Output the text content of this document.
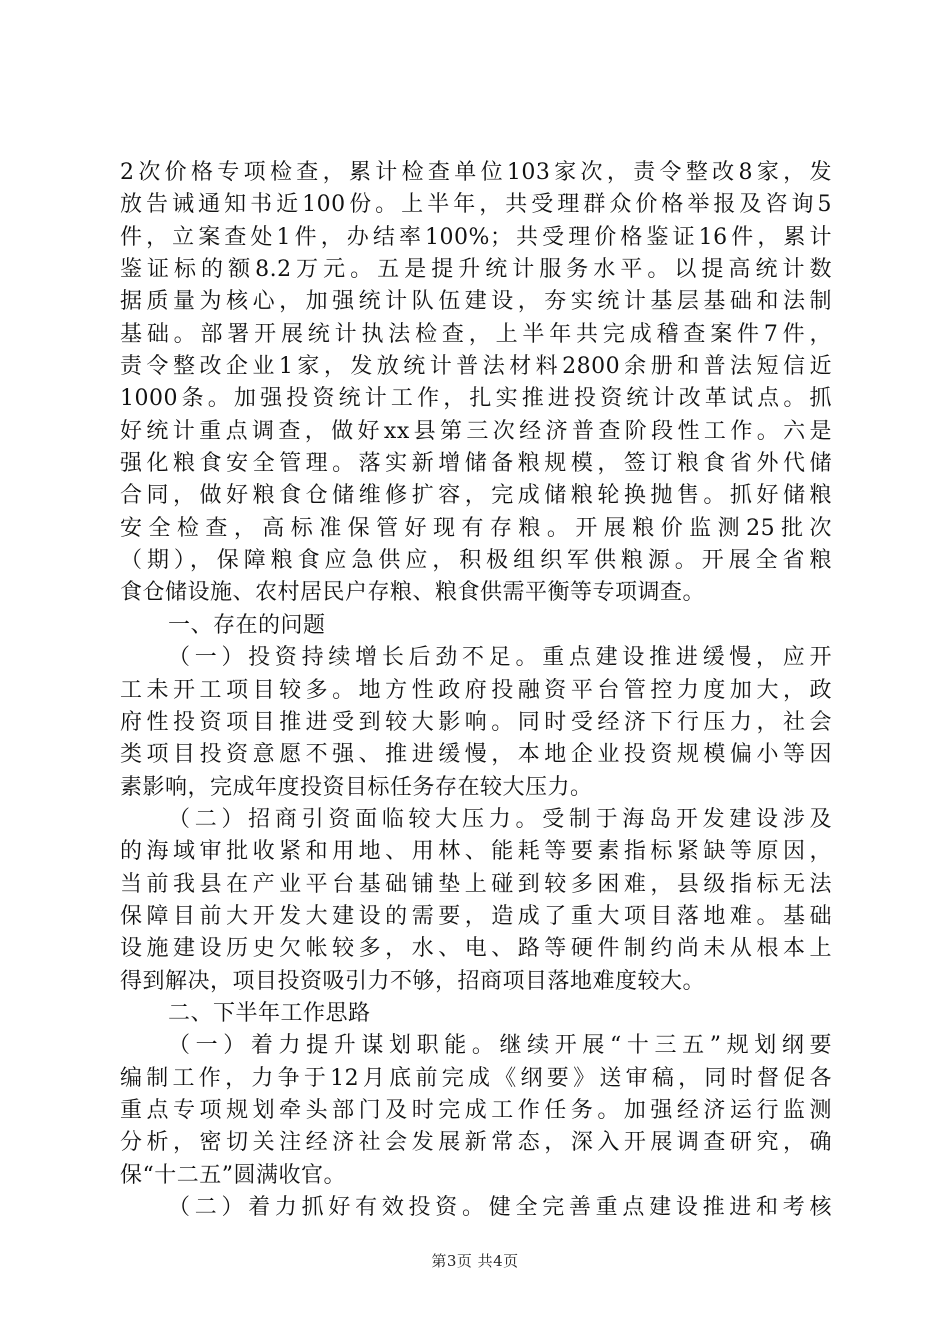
2次价格专项检查，累计检查单位103家次，责令整改8家，发
放告诫通知书近100份。上半年，共受理群众价格举报及咨询5
件，立案查处1件，办结率100%；共受理价格鉴证16件，累计
鉴证标的额8.2万元。五是提升统计服务水平。以提高统计数
据质量为核心，加强统计队伍建设，夯实统计基层基础和法制
基础。部署开展统计执法检查，上半年共完成稽查案件7件，
责令整改企业1家，发放统计普法材料2800余册和普法短信近
1000条。加强投资统计工作，扎实推进投资统计改革试点。抓
好统计重点调查，做好xx县第三次经济普查阶段性工作。六是
强化粮食安全管理。落实新增储备粮规模，签订粮食省外代储
合同，做好粮食仓储维修扩容，完成储粮轮换抛售。抓好储粮
安全检查，高标准保管好现有存粮。开展粮价监测25批次
（期），保障粮食应急供应，积极组织军供粮源。开展全省粮
食仓储设施、农村居民户存粮、粮食供需平衡等专项调查。
一、存在的问题
（一）投资持续增长后劲不足。重点建设推进缓慢，应开
工未开工项目较多。地方性政府投融资平台管控力度加大，政
府性投资项目推进受到较大影响。同时受经济下行压力，社会
类项目投资意愿不强、推进缓慢，本地企业投资规模偏小等因
素影响，完成年度投资目标任务存在较大压力。
（二）招商引资面临较大压力。受制于海岛开发建设涉及
的海域审批收紧和用地、用林、能耗等要素指标紧缺等原因，
当前我县在产业平台基础铺垫上碰到较多困难，县级指标无法
保障目前大开发大建设的需要，造成了重大项目落地难。基础
设施建设历史欠帐较多，水、电、路等硬件制约尚未从根本上
得到解决，项目投资吸引力不够，招商项目落地难度较大。
二、下半年工作思路
（一）着力提升谋划职能。继续开展“十三五”规划纲要
编制工作，力争于12月底前完成《纲要》送审稿，同时督促各
重点专项规划牵头部门及时完成工作任务。加强经济运行监测
分析，密切关注经济社会发展新常态，深入开展调查研究，确
保“十二五”圆满收官。
（二）着力抓好有效投资。健全完善重点建设推进和考核
第3页 共4页
